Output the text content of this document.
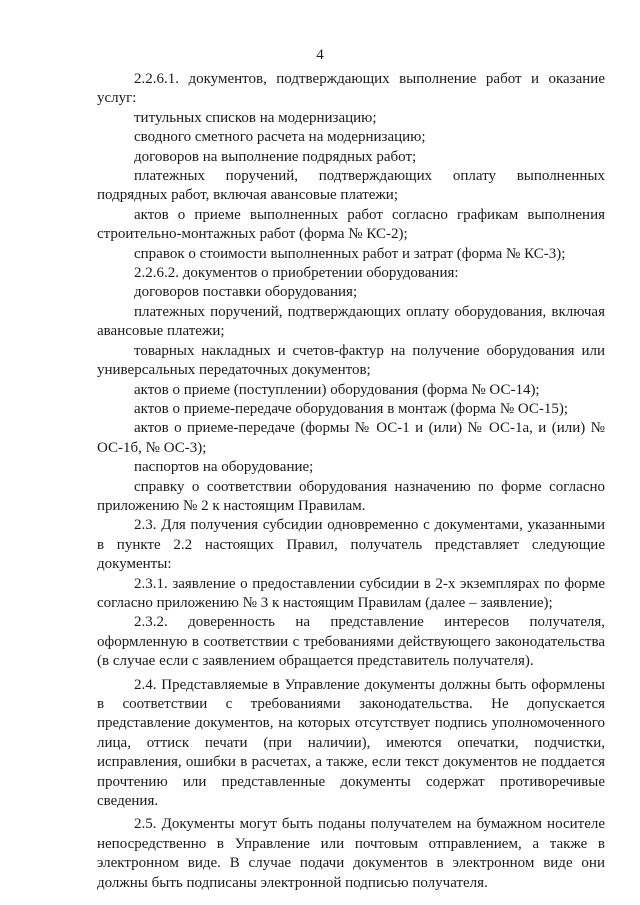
4

2.2.6.1. документов, подтверждающих выполнение работ и оказание услуг:

титульных списков на модернизацию;

сводного сметного расчета на модернизацию;

договоров на выполнение подрядных работ;

платежных поручений, подтверждающих оплату выполненных подрядных работ, включая авансовые платежи;

актов о приеме выполненных работ согласно графикам выполнения строительно-монтажных работ (форма № КС-2);

справок о стоимости выполненных работ и затрат (форма № КС-3);

2.2.6.2. документов о приобретении оборудования:

договоров поставки оборудования;

платежных поручений, подтверждающих оплату оборудования, включая авансовые платежи;

товарных накладных и счетов-фактур на получение оборудования или универсальных передаточных документов;

актов о приеме (поступлении) оборудования (форма № ОС-14);

актов о приеме-передаче оборудования в монтаж (форма № ОС-15);

актов о приеме-передаче (формы № ОС-1 и (или) № ОС-1а, и (или) № ОС-1б, № ОС-3);

паспортов на оборудование;

справку о соответствии оборудования назначению по форме согласно приложению № 2 к настоящим Правилам.

2.3. Для получения субсидии одновременно с документами, указанными в пункте 2.2 настоящих Правил, получатель представляет следующие документы:

2.3.1. заявление о предоставлении субсидии в 2-х экземплярах по форме согласно приложению № 3 к настоящим Правилам (далее – заявление);

2.3.2. доверенность на представление интересов получателя, оформленную в соответствии с требованиями действующего законодательства (в случае если с заявлением обращается представитель получателя).

2.4. Представляемые в Управление документы должны быть оформлены в соответствии с требованиями законодательства. Не допускается представление документов, на которых отсутствует подпись уполномоченного лица, оттиск печати (при наличии), имеются опечатки, подчистки, исправления, ошибки в расчетах, а также, если текст документов не поддается прочтению или представленные документы содержат противоречивые сведения.

2.5. Документы могут быть поданы получателем на бумажном носителе непосредственно в Управление или почтовым отправлением, а также в электронном виде. В случае подачи документов в электронном виде они должны быть подписаны электронной подписью получателя.
